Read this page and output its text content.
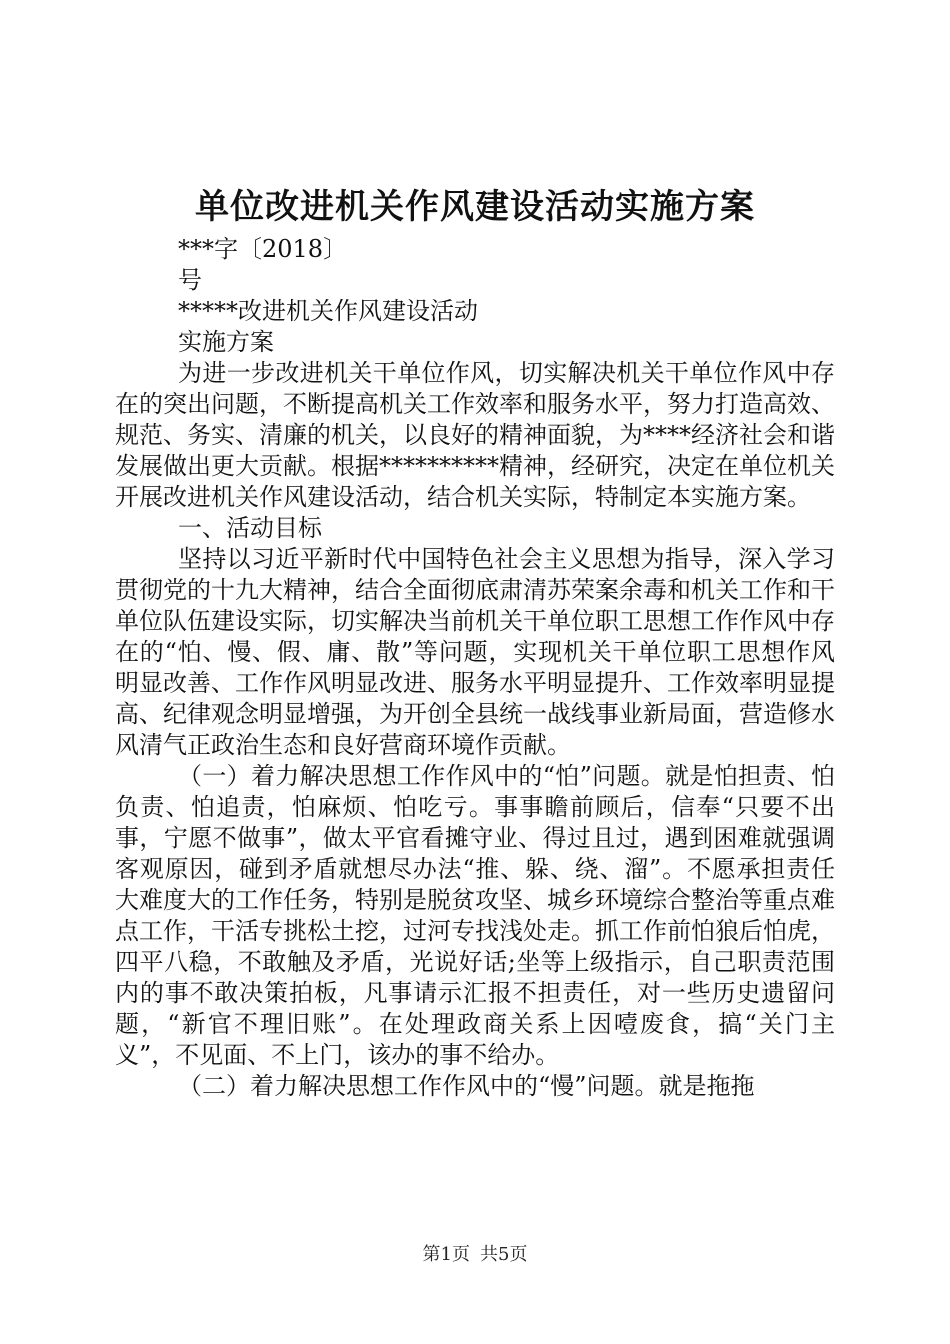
单位改进机关作风建设活动实施方案

***字〔2018〕

号

*****改进机关作风建设活动

实施方案

为进一步改进机关干单位作风，切实解决机关干单位作风中存在的突出问题，不断提高机关工作效率和服务水平，努力打造高效、规范、务实、清廉的机关，以良好的精神面貌，为****经济社会和谐发展做出更大贡献。根据**********精神，经研究，决定在单位机关开展改进机关作风建设活动，结合机关实际，特制定本实施方案。

一、活动目标

坚持以习近平新时代中国特色社会主义思想为指导，深入学习贯彻党的十九大精神，结合全面彻底肃清苏荣案余毒和机关工作和干单位队伍建设实际，切实解决当前机关干单位职工思想工作作风中存在的“怕、慢、假、庸、散”等问题，实现机关干单位职工思想作风明显改善、工作作风明显改进、服务水平明显提升、工作效率明显提高、纪律观念明显增强，为开创全县统一战线事业新局面，营造修水风清气正政治生态和良好营商环境作贡献。

（一）着力解决思想工作作风中的“怕”问题。就是怕担责、怕负责、怕追责，怕麻烦、怕吃亏。事事瞻前顾后，信奉“只要不出事，宁愿不做事”，做太平官看摊守业、得过且过，遇到困难就强调客观原因，碰到矛盾就想尽办法“推、躲、绕、溜”。不愿承担责任大难度大的工作任务，特别是脱贫攻坚、城乡环境综合整治等重点难点工作，干活专挑松土挖，过河专找浅处走。抓工作前怕狼后怕虎，四平八稳，不敢触及矛盾，光说好话;坐等上级指示，自己职责范围内的事不敢决策拍板，凡事请示汇报不担责任，对一些历史遗留问题，“新官不理旧账”。在处理政商关系上因噎废食，搞“关门主义”，不见面、不上门，该办的事不给办。

（二）着力解决思想工作作风中的“慢”问题。就是拖拖

第1页 共5页
